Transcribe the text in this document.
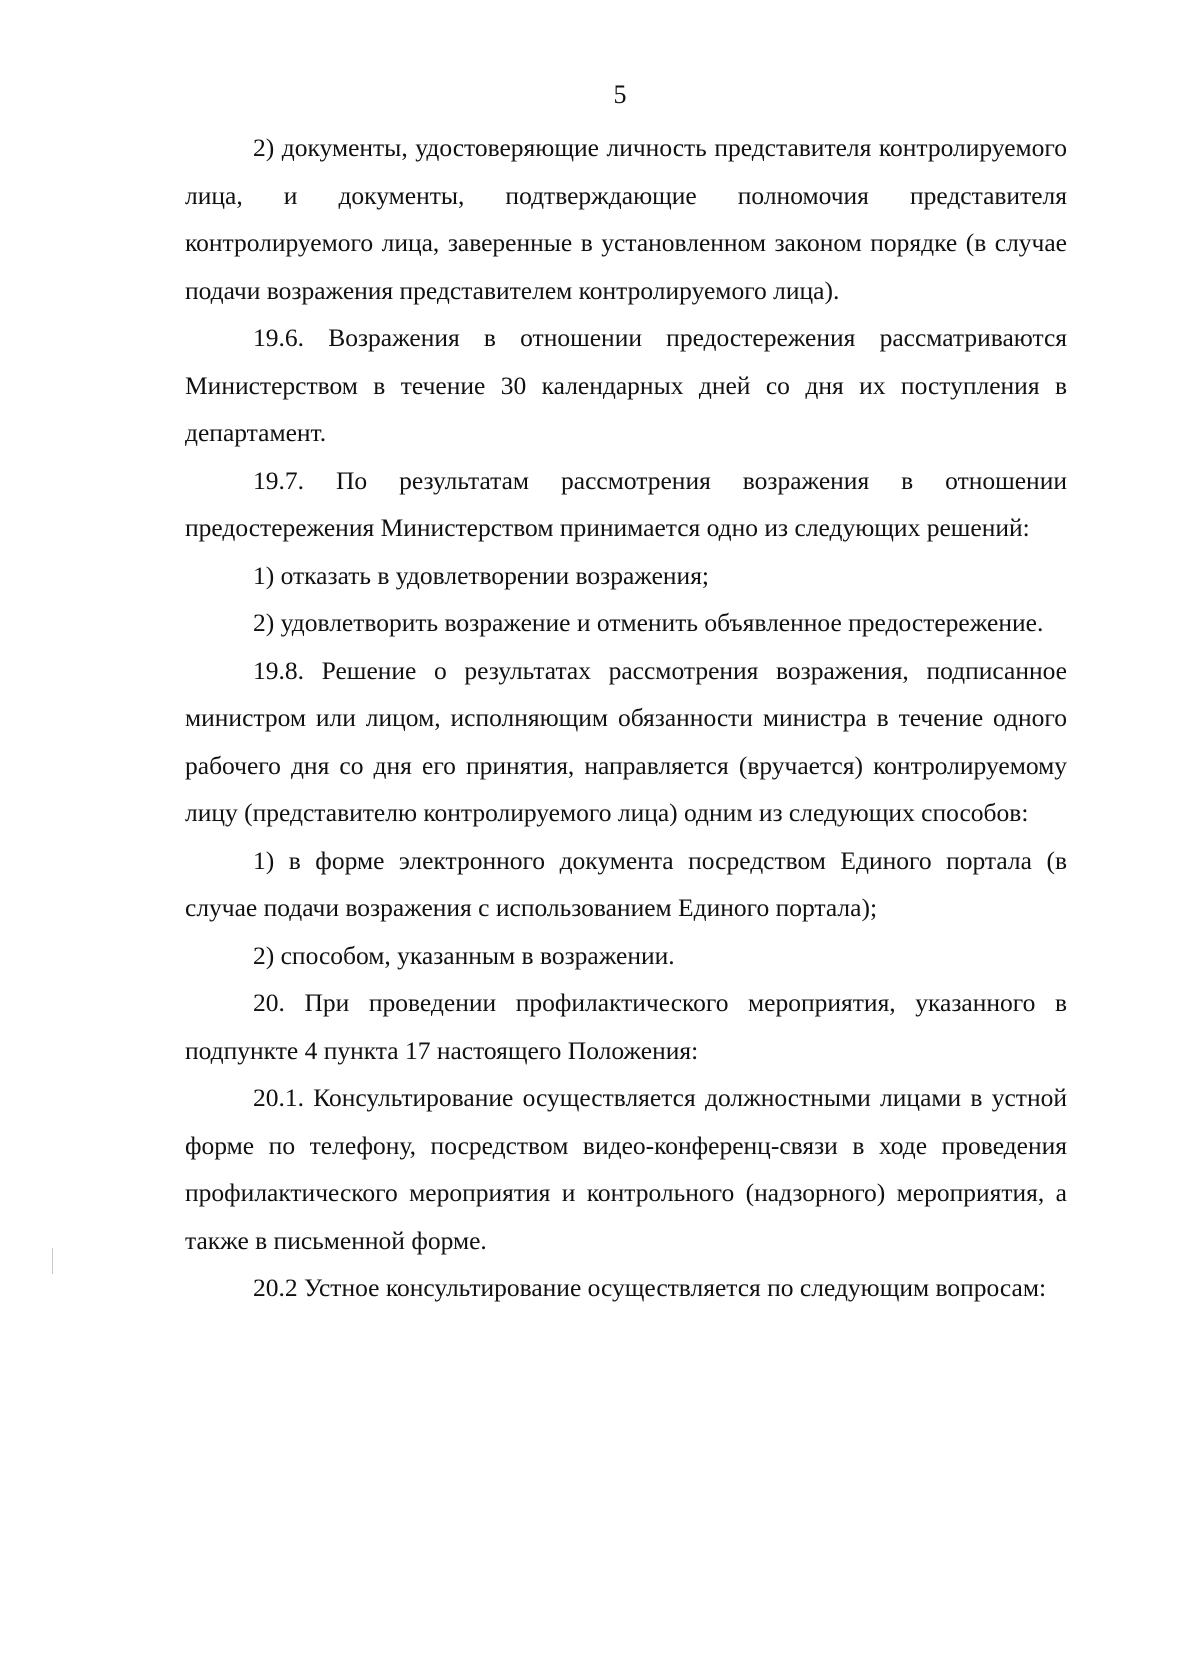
5

2) документы, удостоверяющие личность представителя контролируемого лица, и документы, подтверждающие полномочия представителя контролируемого лица, заверенные в установленном законом порядке (в случае подачи возражения представителем контролируемого лица).

19.6. Возражения в отношении предостережения рассматриваются Министерством в течение 30 календарных дней со дня их поступления в департамент.

19.7. По результатам рассмотрения возражения в отношении предостережения Министерством принимается одно из следующих решений:

1) отказать в удовлетворении возражения;

2) удовлетворить возражение и отменить объявленное предостережение.

19.8. Решение о результатах рассмотрения возражения, подписанное министром или лицом, исполняющим обязанности министра в течение одного рабочего дня со дня его принятия, направляется (вручается) контролируемому лицу (представителю контролируемого лица) одним из следующих способов:

1) в форме электронного документа посредством Единого портала (в случае подачи возражения с использованием Единого портала);

2) способом, указанным в возражении.

20. При проведении профилактического мероприятия, указанного в подпункте 4 пункта 17 настоящего Положения:

20.1. Консультирование осуществляется должностными лицами в устной форме по телефону, посредством видео-конференц-связи в ходе проведения профилактического мероприятия и контрольного (надзорного) мероприятия, а также в письменной форме.

20.2 Устное консультирование осуществляется по следующим вопросам:
